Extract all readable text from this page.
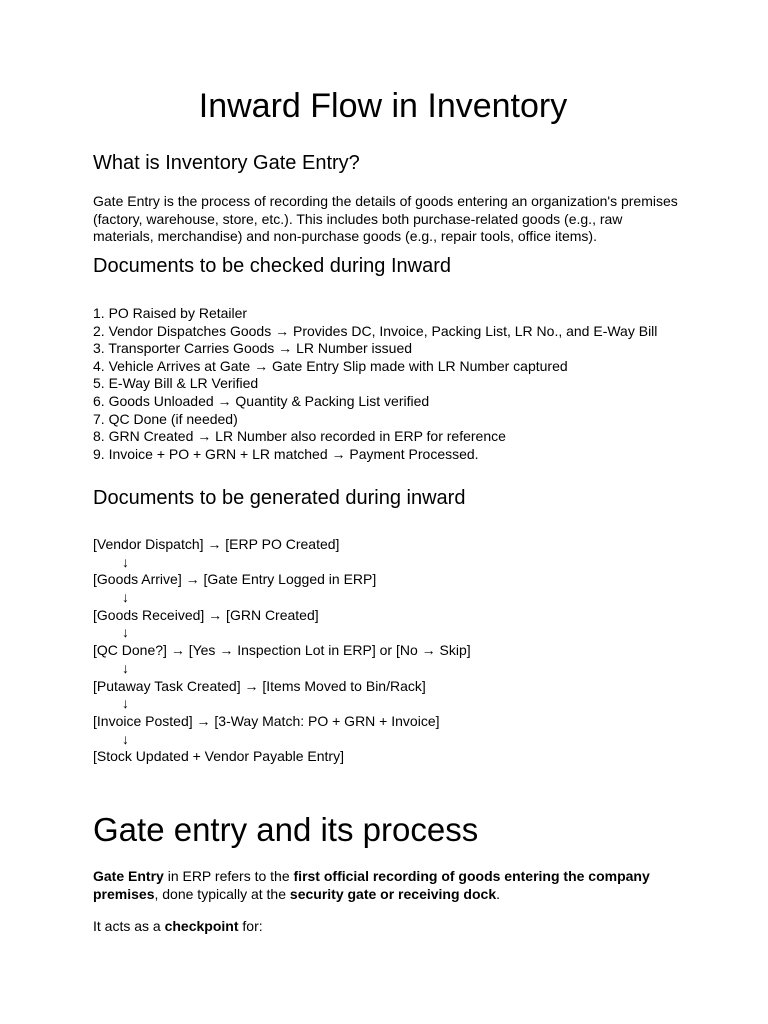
Inward Flow in Inventory
What is Inventory Gate Entry?

Gate Entry is the process of recording the details of goods entering an organization's premises (factory, warehouse, store, etc.). This includes both purchase-related goods (e.g., raw materials, merchandise) and non-purchase goods (e.g., repair tools, office items).

Documents to be checked during Inward
1. PO Raised by Retailer
2. Vendor Dispatches Goods → Provides DC, Invoice, Packing List, LR No., and E-Way Bill
3. Transporter Carries Goods → LR Number issued
4. Vehicle Arrives at Gate → Gate Entry Slip made with LR Number captured
5. E-Way Bill & LR Verified
6. Goods Unloaded → Quantity & Packing List verified
7. QC Done (if needed)
8. GRN Created → LR Number also recorded in ERP for reference
9. Invoice + PO + GRN + LR matched → Payment Processed.
Documents to be generated during inward
[Vendor Dispatch] → [ERP PO Created]
↓
[Goods Arrive] → [Gate Entry Logged in ERP]
↓
[Goods Received] → [GRN Created]
↓
[QC Done?] → [Yes → Inspection Lot in ERP] or [No → Skip]
↓
[Putaway Task Created] → [Items Moved to Bin/Rack]
↓
[Invoice Posted] → [3-Way Match: PO + GRN + Invoice]
↓
[Stock Updated + Vendor Payable Entry]
Gate entry and its process

Gate Entry in ERP refers to the first official recording of goods entering the company premises, done typically at the security gate or receiving dock.

It acts as a checkpoint for:
